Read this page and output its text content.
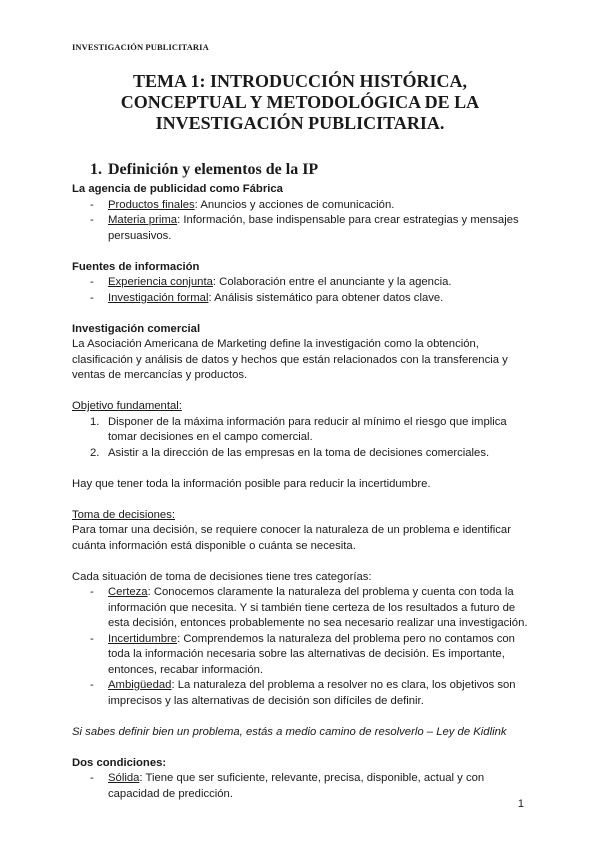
INVESTIGACIÓN PUBLICITARIA
TEMA 1: INTRODUCCIÓN HISTÓRICA, CONCEPTUAL Y METODOLÓGICA DE LA INVESTIGACIÓN PUBLICITARIA.
1. Definición y elementos de la IP

La agencia de publicidad como Fábrica

- Productos finales: Anuncios y acciones de comunicación.
- Materia prima: Información, base indispensable para crear estrategias y mensajes persuasivos.

Fuentes de información

- Experiencia conjunta: Colaboración entre el anunciante y la agencia.
- Investigación formal: Análisis sistemático para obtener datos clave.

Investigación comercial

La Asociación Americana de Marketing define la investigación como la obtención, clasificación y análisis de datos y hechos que están relacionados con la transferencia y ventas de mercancías y productos.

Objetivo fundamental:

1. Disponer de la máxima información para reducir al mínimo el riesgo que implica tomar decisiones en el campo comercial.
2. Asistir a la dirección de las empresas en la toma de decisiones comerciales.

Hay que tener toda la información posible para reducir la incertidumbre.

Toma de decisiones:

Para tomar una decisión, se requiere conocer la naturaleza de un problema e identificar cuánta información está disponible o cuánta se necesita.

Cada situación de toma de decisiones tiene tres categorías:

- Certeza: Conocemos claramente la naturaleza del problema y cuenta con toda la información que necesita. Y si también tiene certeza de los resultados a futuro de esta decisión, entonces probablemente no sea necesario realizar una investigación.
- Incertidumbre: Comprendemos la naturaleza del problema pero no contamos con toda la información necesaria sobre las alternativas de decisión. Es importante, entonces, recabar información.
- Ambigüedad: La naturaleza del problema a resolver no es clara, los objetivos son imprecisos y las alternativas de decisión son difíciles de definir.

Si sabes definir bien un problema, estás a medio camino de resolverlo – Ley de Kidlink

Dos condiciones:

- Sólida: Tiene que ser suficiente, relevante, precisa, disponible, actual y con capacidad de predicción.
1
